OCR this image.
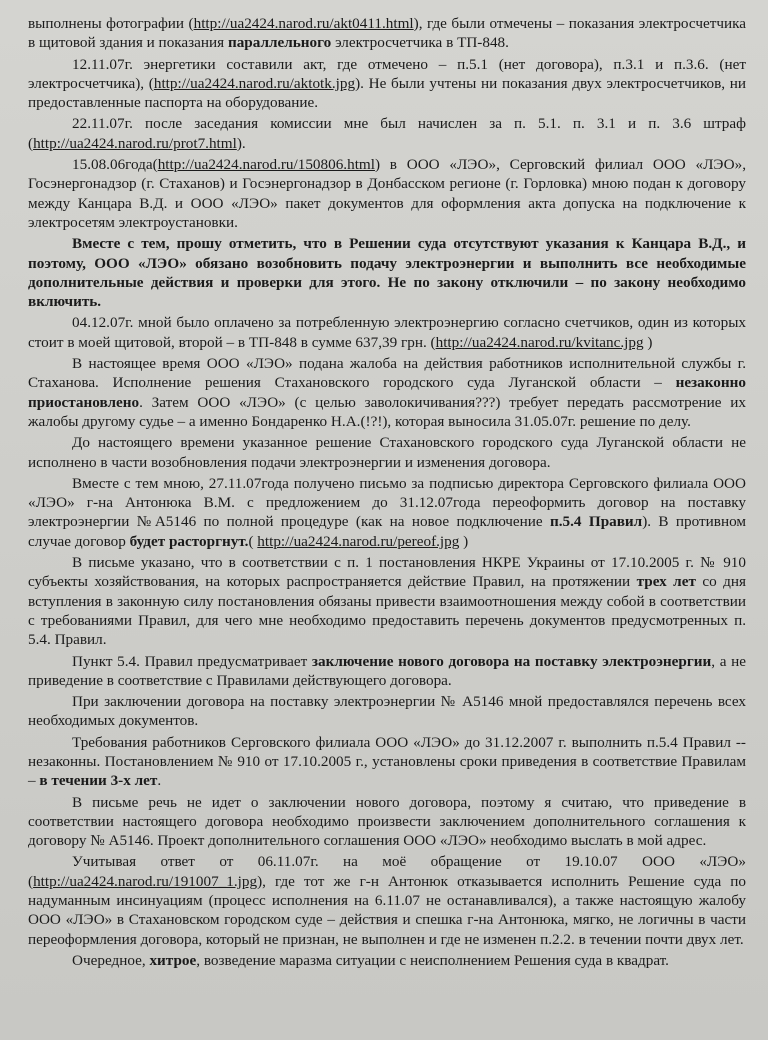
выполнены фотографии (http://ua2424.narod.ru/akt0411.html), где были отмечены – показания электросчетчика в щитовой здания и показания параллельного электросчетчика в ТП-848.

12.11.07г. энергетики составили акт, где отмечено – п.5.1 (нет договора), п.3.1 и п.3.6. (нет электросчетчика), (http://ua2424.narod.ru/aktotk.jpg). Не были учтены ни показания двух электросчетчиков, ни предоставленные паспорта на оборудование.

22.11.07г. после заседания комиссии мне был начислен за п. 5.1. п. 3.1 и п. 3.6 штраф (http://ua2424.narod.ru/prot7.html).

15.08.06года(http://ua2424.narod.ru/150806.html) в ООО «ЛЭО», Серговский филиал ООО «ЛЭО», Госэнергонадзор (г. Стаханов) и Госэнергонадзор в Донбасском регионе (г. Горловка) мною подан к договору между Канцара В.Д. и ООО «ЛЭО» пакет документов для оформления акта допуска на подключение к электросетям электроустановки.

Вместе с тем, прошу отметить, что в Решении суда отсутствуют указания к Канцара В.Д., и поэтому, ООО «ЛЭО» обязано возобновить подачу электроэнергии и выполнить все необходимые дополнительные действия и проверки для этого. Не по закону отключили – по закону необходимо включить.

04.12.07г. мной было оплачено за потребленную электроэнергию согласно счетчиков, один из которых стоит в моей щитовой, второй – в ТП-848 в сумме 637,39 грн. (http://ua2424.narod.ru/kvitanc.jpg )

В настоящее время ООО «ЛЭО» подана жалоба на действия работников исполнительной службы г. Стаханова. Исполнение решения Стахановского городского суда Луганской области – незаконно приостановлено. Затем ООО «ЛЭО» (с целью заволокичивания???) требует передать рассмотрение их жалобы другому судье – а именно Бондаренко Н.А.(!?!), которая выносила 31.05.07г. решение по делу.

До настоящего времени указанное решение Стахановского городского суда Луганской области не исполнено в части возобновления подачи электроэнергии и изменения договора.

Вместе с тем мною, 27.11.07года получено письмо за подписью директора Серговского филиала ООО «ЛЭО» г-на Антонюка В.М. с предложением до 31.12.07года переоформить договор на поставку электроэнергии №А5146 по полной процедуре (как на новое подключение п.5.4 Правил). В противном случае договор будет расторгнут.( http://ua2424.narod.ru/pereof.jpg )

В письме указано, что в соответствии с п. 1 постановления НКРЕ Украины от 17.10.2005 г. № 910 субъекты хозяйствования, на которых распространяется действие Правил, на протяжении трех лет со дня вступления в законную силу постановления обязаны привести взаимоотношения между собой в соответствии с требованиями Правил, для чего мне необходимо предоставить перечень документов предусмотренных п. 5.4. Правил.

Пункт 5.4. Правил предусматривает заключение нового договора на поставку электроэнергии, а не приведение в соответствие с Правилами действующего договора.

При заключении договора на поставку электроэнергии № А5146 мной предоставлялся перечень всех необходимых документов.

Требования работников Серговского филиала ООО «ЛЭО» до 31.12.2007 г. выполнить п.5.4 Правил -- незаконны. Постановлением № 910 от 17.10.2005 г., установлены сроки приведения в соответствие Правилам – в течении 3-х лет.

В письме речь не идет о заключении нового договора, поэтому я считаю, что приведение в соответствии настоящего договора необходимо произвести заключением дополнительного соглашения к договору № А5146. Проект дополнительного соглашения ООО «ЛЭО» необходимо выслать в мой адрес.

Учитывая ответ от 06.11.07г. на моё обращение от 19.10.07 ООО «ЛЭО» (http://ua2424.narod.ru/191007_1.jpg), где тот же г-н Антонюк отказывается исполнить Решение суда по надуманным инсинуациям (процесс исполнения на 6.11.07 не останавливался), а также настоящую жалобу ООО «ЛЭО» в Стахановском городском суде – действия и спешка г-на Антонюка, мягко, не логичны в части переоформления договора, который не признан, не выполнен и где не изменен п.2.2. в течении почти двух лет.

Очередное, хитрое, возведение маразма ситуации с неисполнением Решения суда в квадрат.
